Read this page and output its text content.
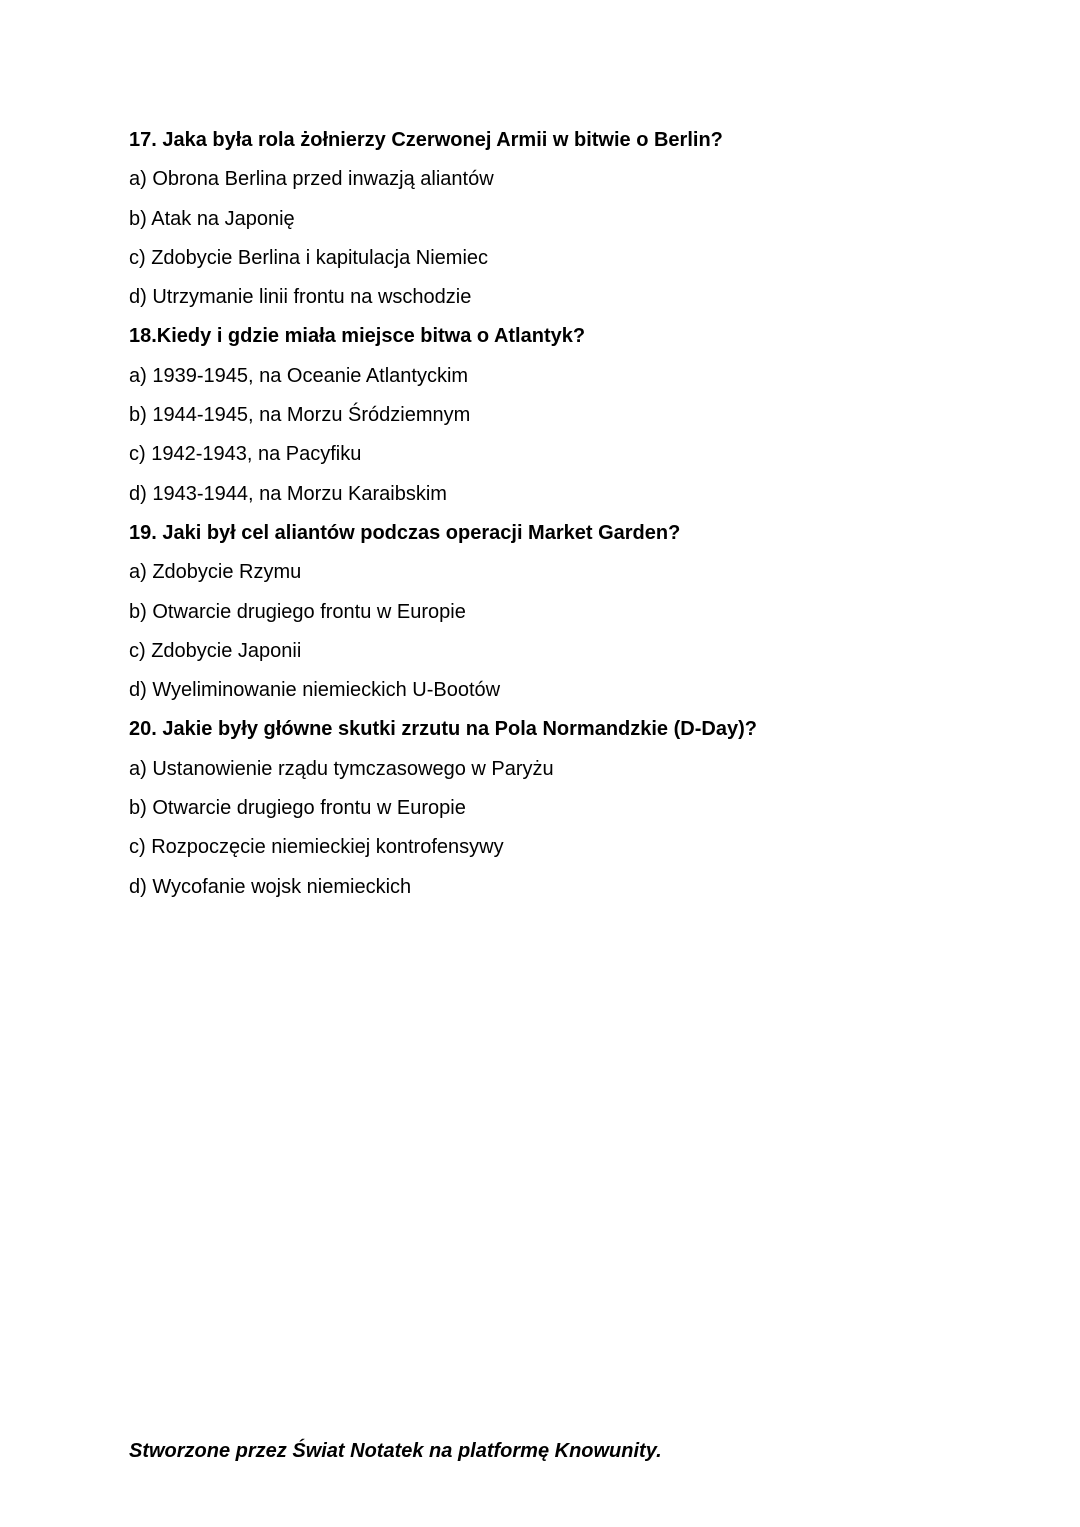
17. Jaka była rola żołnierzy Czerwonej Armii w bitwie o Berlin?
a) Obrona Berlina przed inwazją aliantów
b) Atak na Japonię
c) Zdobycie Berlina i kapitulacja Niemiec
d) Utrzymanie linii frontu na wschodzie
18.Kiedy i gdzie miała miejsce bitwa o Atlantyk?
a) 1939-1945, na Oceanie Atlantyckim
b) 1944-1945, na Morzu Śródziemnym
c) 1942-1943, na Pacyfiku
d) 1943-1944, na Morzu Karaibskim
19. Jaki był cel aliantów podczas operacji Market Garden?
a) Zdobycie Rzymu
b) Otwarcie drugiego frontu w Europie
c) Zdobycie Japonii
d) Wyeliminowanie niemieckich U-Bootów
20. Jakie były główne skutki zrzutu na Pola Normandzkie (D-Day)?
a) Ustanowienie rządu tymczasowego w Paryżu
b) Otwarcie drugiego frontu w Europie
c) Rozpoczęcie niemieckiej kontrofensywy
d) Wycofanie wojsk niemieckich
Stworzone przez Świat Notatek na platformę Knowunity.
